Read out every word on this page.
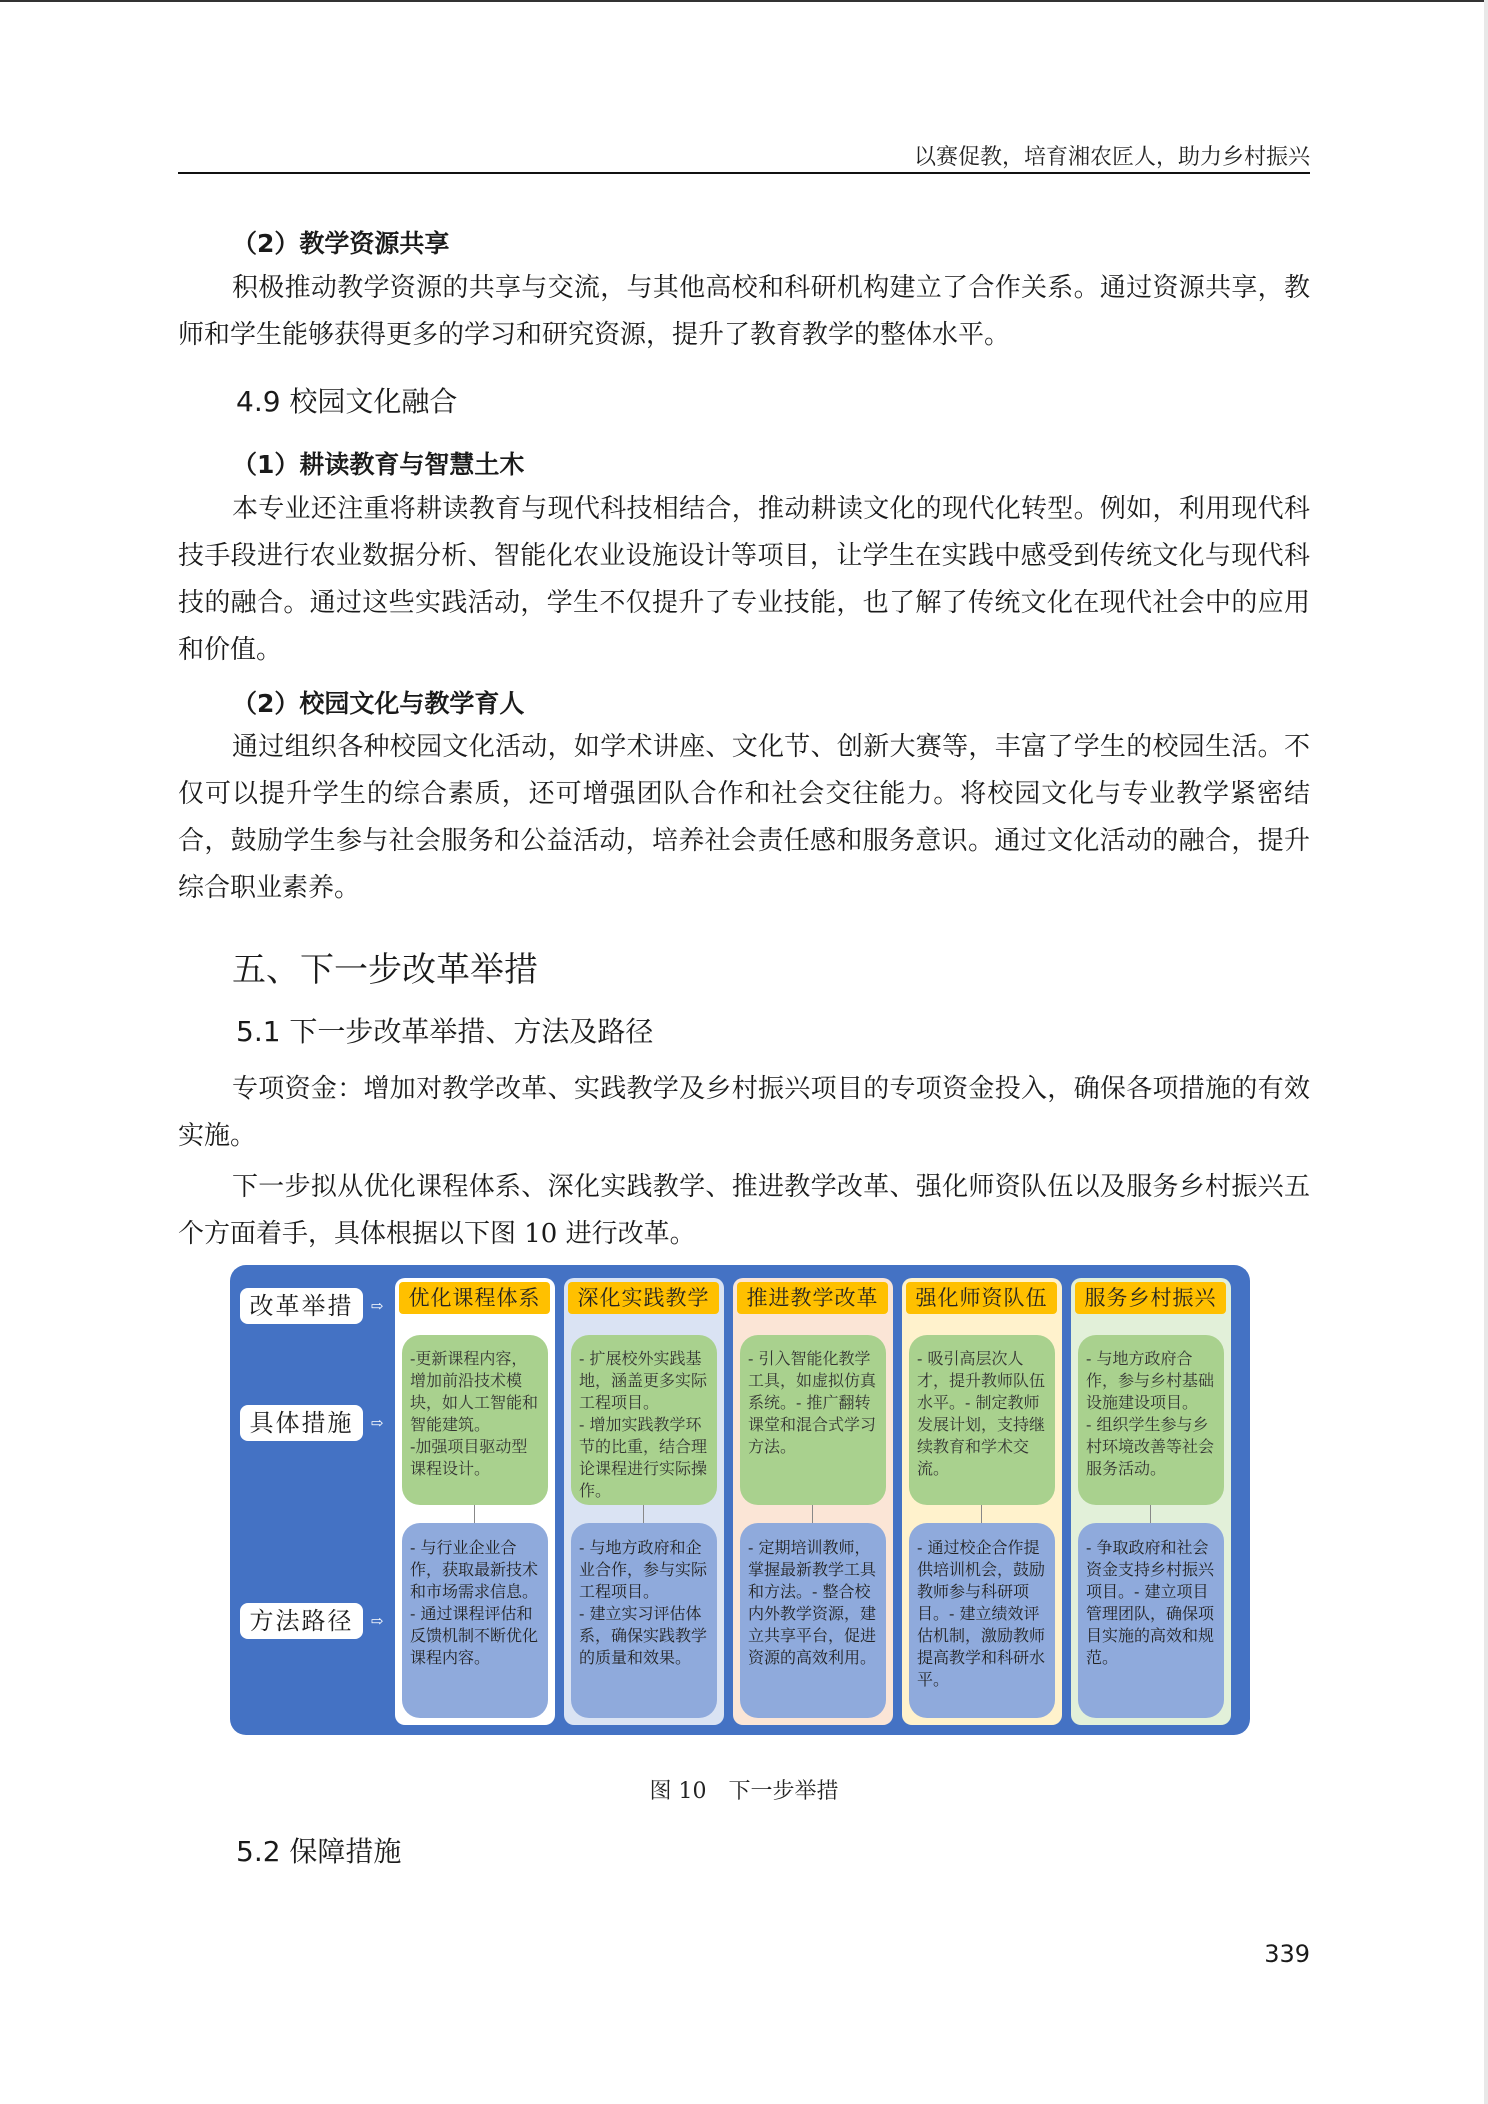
以赛促教，培育湘农匠人，助力乡村振兴
（2）教学资源共享

积极推动教学资源的共享与交流，与其他高校和科研机构建立了合作关系。通过资源共享，教师和学生能够获得更多的学习和研究资源，提升了教育教学的整体水平。

4.9 校园文化融合
（1）耕读教育与智慧土木

本专业还注重将耕读教育与现代科技相结合，推动耕读文化的现代化转型。例如，利用现代科技手段进行农业数据分析、智能化农业设施设计等项目，让学生在实践中感受到传统文化与现代科技的融合。通过这些实践活动，学生不仅提升了专业技能，也了解了传统文化在现代社会中的应用和价值。

（2）校园文化与教学育人

通过组织各种校园文化活动，如学术讲座、文化节、创新大赛等，丰富了学生的校园生活。不仅可以提升学生的综合素质，还可增强团队合作和社会交往能力。将校园文化与专业教学紧密结合，鼓励学生参与社会服务和公益活动，培养社会责任感和服务意识。通过文化活动的融合，提升综合职业素养。

五、下一步改革举措
5.1 下一步改革举措、方法及路径

专项资金：增加对教学改革、实践教学及乡村振兴项目的专项资金投入，确保各项措施的有效实施。

下一步拟从优化课程体系、深化实践教学、推进教学改革、强化师资队伍以及服务乡村振兴五个方面着手，具体根据以下图 10 进行改革。

改革举措	⇨
具体措施	⇨
方法路径	⇨
优化课程体系
-更新课程内容，增加前沿技术模块，如人工智能和智能建筑。
-加强项目驱动型课程设计。
- 与行业企业合作，获取最新技术和市场需求信息。
- 通过课程评估和反馈机制不断优化课程内容。
深化实践教学
- 扩展校外实践基地，涵盖更多实际工程项目。
- 增加实践教学环节的比重，结合理论课程进行实际操作。
- 与地方政府和企业合作，参与实际工程项目。
- 建立实习评估体系，确保实践教学的质量和效果。
推进教学改革
- 引入智能化教学工具，如虚拟仿真系统。- 推广翻转课堂和混合式学习方法。
- 定期培训教师，掌握最新教学工具和方法。- 整合校内外教学资源，建立共享平台，促进资源的高效利用。
强化师资队伍
- 吸引高层次人才，提升教师队伍水平。- 制定教师发展计划，支持继续教育和学术交流。
- 通过校企合作提供培训机会，鼓励教师参与科研项目。- 建立绩效评估机制，激励教师提高教学和科研水平。
服务乡村振兴
- 与地方政府合作，参与乡村基础设施建设项目。
- 组织学生参与乡村环境改善等社会服务活动。
- 争取政府和社会资金支持乡村振兴项目。- 建立项目管理团队，确保项目实施的高效和规范。
图 10　下一步举措
5.2 保障措施
339
